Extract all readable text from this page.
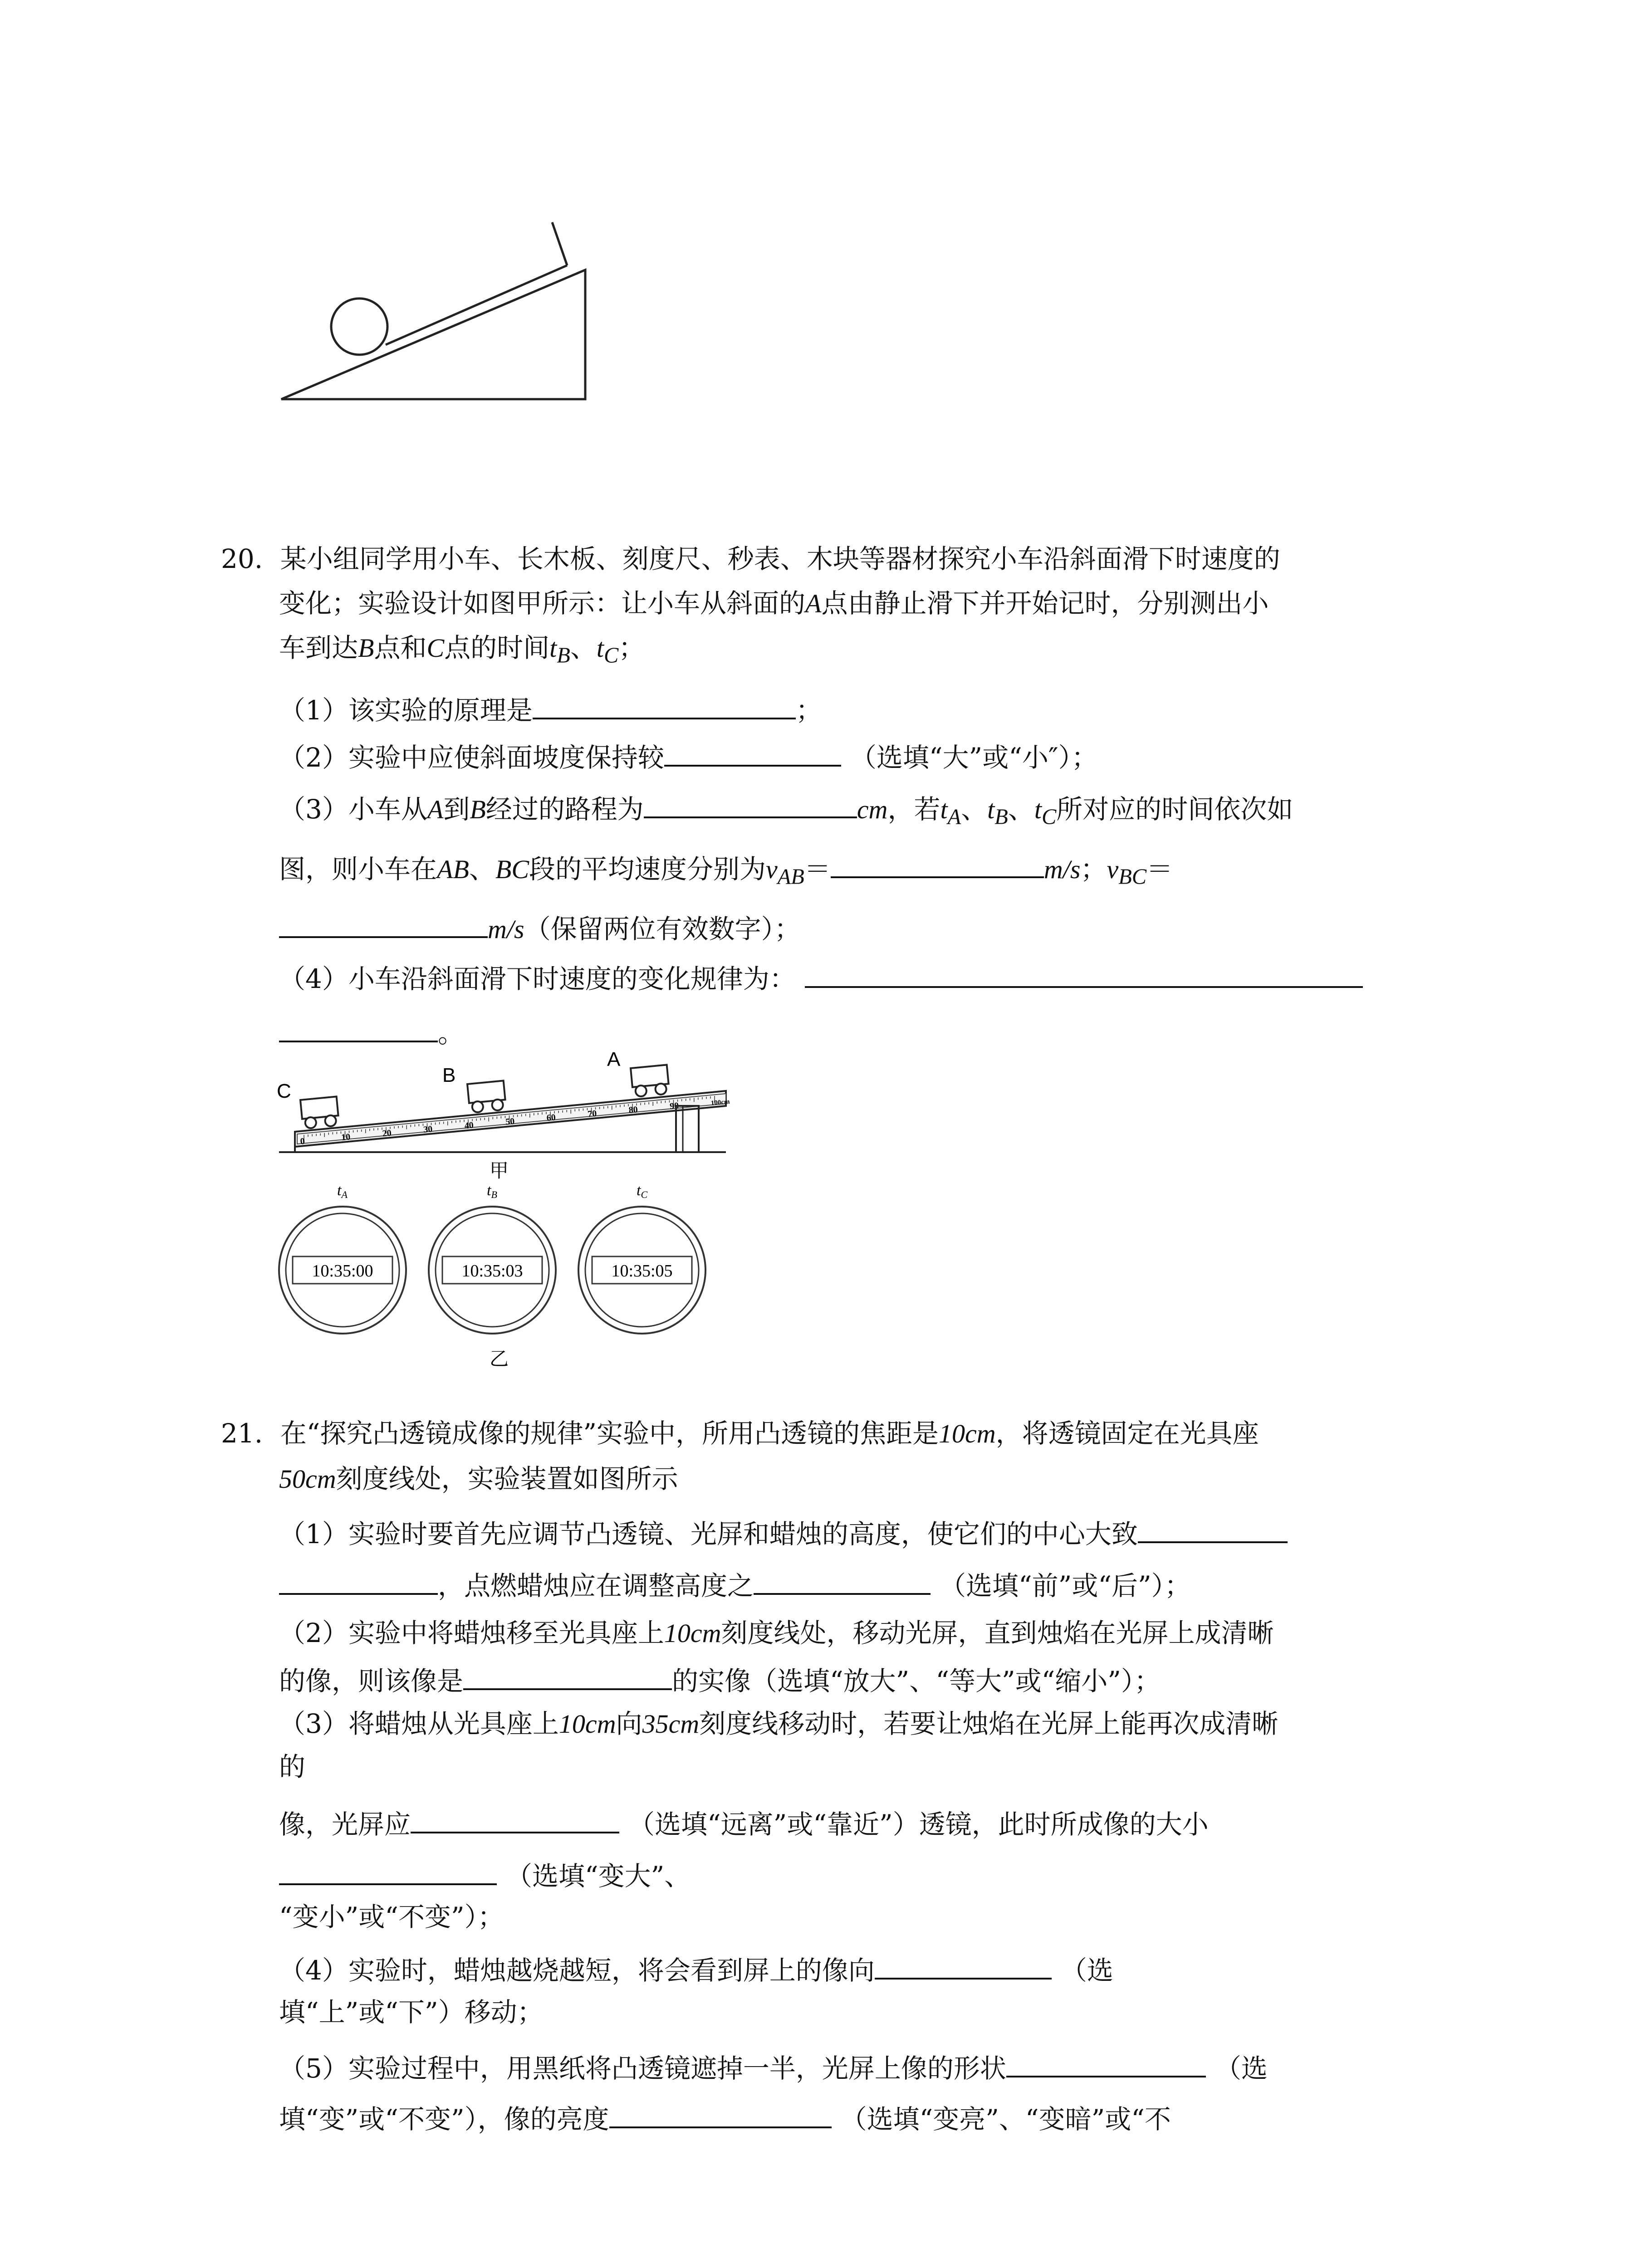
20. 某小组同学用小车、长木板、刻度尺、秒表、木块等器材探究小车沿斜面滑下时速度的
变化；实验设计如图甲所示：让小车从斜面的A点由静止滑下并开始记时，分别测出小
车到达B点和C点的时间$t_B$、$t_C$；
（1）该实验的原理是	；
（2）实验中应使斜面坡度保持较	（选填“大”或“小″）；
（3）小车从A到B经过的路程为	cm，若$t_A$、$t_B$、$t_C$所对应的时间依次如
图，则小车在AB、BC段的平均速度分别为$v_{AB}=$	m/s；$v_{BC}=$
m/s（保留两位有效数字）；
（4）小车沿斜面滑下时速度的变化规律为：
。
0	10	20	30	40	50	60	70	80	90	100cm
C
B
A
甲
10:35:00
tA
10:35:03
tB
10:35:05
tC
乙
21. 在“探究凸透镜成像的规律”实验中，所用凸透镜的焦距是10cm，将透镜固定在光具座
50cm刻度线处，实验装置如图所示
（1）实验时要首先应调节凸透镜、光屏和蜡烛的高度，使它们的中心大致
，点燃蜡烛应在调整高度之	（选填“前”或“后”）；
（2）实验中将蜡烛移至光具座上10cm刻度线处，移动光屏，直到烛焰在光屏上成清晰
的像，则该像是	的实像（选填“放大”、“等大”或“缩小”）；
（3）将蜡烛从光具座上10cm向35cm刻度线移动时，若要让烛焰在光屏上能再次成清晰
的
像，光屏应	（选填“远离”或“靠近”）透镜，此时所成像的大小
（选填“变大”、
“变小”或“不变”）；
（4）实验时，蜡烛越烧越短，将会看到屏上的像向	（选
填“上”或“下”）移动；
（5）实验过程中，用黑纸将凸透镜遮掉一半，光屏上像的形状	（选
填“变”或“不变”），像的亮度	（选填“变亮”、“变暗”或“不
